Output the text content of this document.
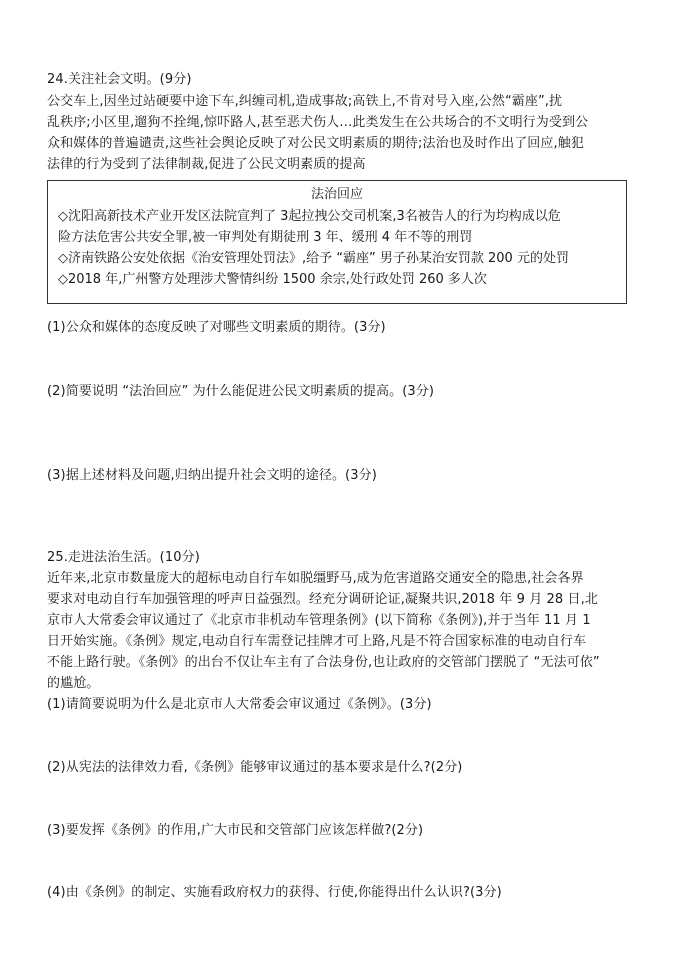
24.关注社会文明。(9分)
公交车上,因坐过站硬要中途下车,纠缠司机,造成事故;高铁上,不肯对号入座,公然“霸座”,扰
乱秩序;小区里,遛狗不拴绳,惊吓路人,甚至恶犬伤人…此类发生在公共场合的不文明行为受到公
众和媒体的普遍谴责,这些社会舆论反映了对公民文明素质的期待;法治也及时作出了回应,触犯
法律的行为受到了法律制裁,促进了公民文明素质的提高
法治回应
◇沈阳高新技术产业开发区法院宣判了 3起拉拽公交司机案,3名被告人的行为均构成以危
险方法危害公共安全罪,被一审判处有期徒刑 3 年、缓刑 4 年不等的刑罚
◇济南铁路公安处依据《治安管理处罚法》,给予 “霸座” 男子孙某治安罚款 200 元的处罚
◇2018 年,广州警方处理涉犬警情纠纷 1500 余宗,处行政处罚 260 多人次
(1)公众和媒体的态度反映了对哪些文明素质的期待。(3分)
(2)简要说明 “法治回应” 为什么能促进公民文明素质的提高。(3分)
(3)据上述材料及问题,归纳出提升社会文明的途径。(3分)
25.走进法治生活。(10分)
近年来,北京市数量庞大的超标电动自行车如脱缰野马,成为危害道路交通安全的隐患,社会各界
要求对电动自行车加强管理的呼声日益强烈。经充分调研论证,凝聚共识,2018 年 9 月 28 日,北
京市人大常委会审议通过了《北京市非机动车管理条例》(以下简称《条例》),并于当年 11 月 1
日开始实施。《条例》规定,电动自行车需登记挂牌才可上路,凡是不符合国家标准的电动自行车
不能上路行驶。《条例》的出台不仅让车主有了合法身份,也让政府的交管部门摆脱了 “无法可依”
的尴尬。
(1)请简要说明为什么是北京市人大常委会审议通过《条例》。(3分)
(2)从宪法的法律效力看,《条例》能够审议通过的基本要求是什么?(2分)
(3)要发挥《条例》的作用,广大市民和交管部门应该怎样做?(2分)
(4)由《条例》的制定、实施看政府权力的获得、行使,你能得出什么认识?(3分)
